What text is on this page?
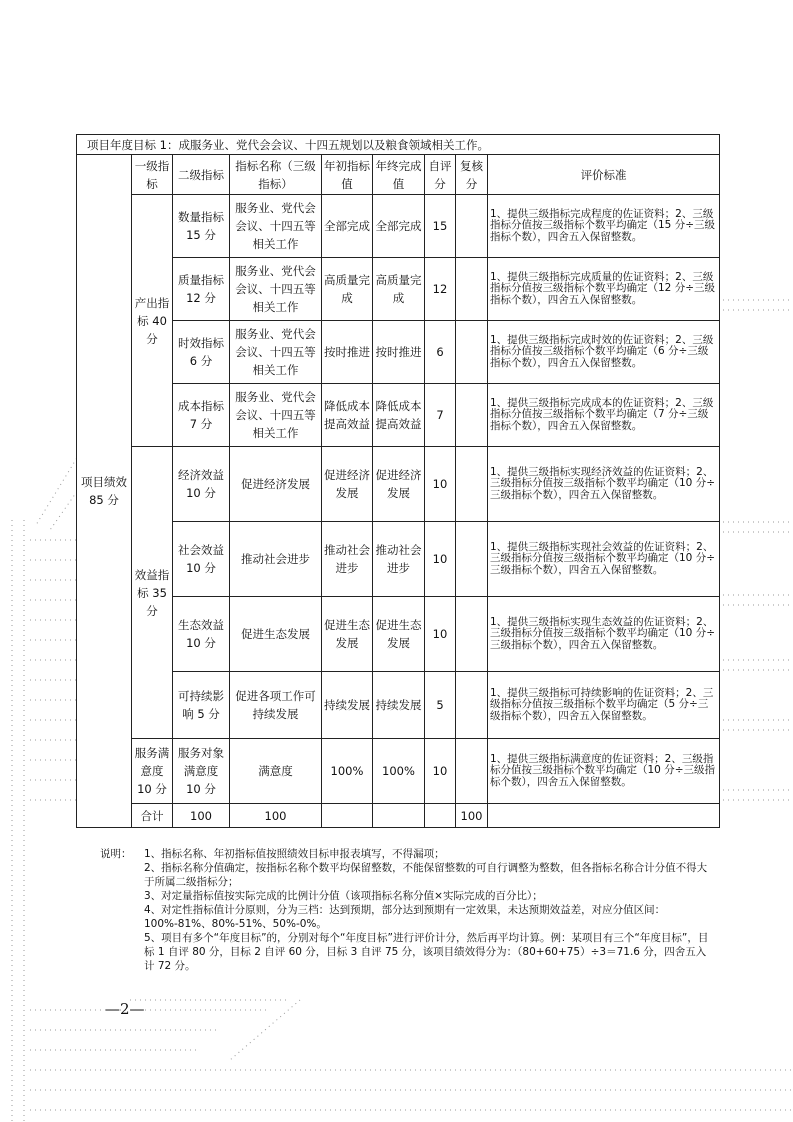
项目年度目标 1：成服务业、党代会会议、十四五规划以及粮食领域相关工作。									
项目绩效 85 分	一级指标	二级指标	指标名称（三级指标）	年初指标值	年终完成值	自评分	复核分	评价标准	
	产出指标 40 分	数量指标 15 分	服务业、党代会会议、十四五等相关工作	全部完成	全部完成	15		1、提供三级指标完成程度的佐证资料；2、三级指标分值按三级指标个数平均确定（15 分÷三级指标个数），四舍五入保留整数。	
		质量指标 12 分	服务业、党代会会议、十四五等相关工作	高质量完成	高质量完成	12		1、提供三级指标完成质量的佐证资料；2、三级指标分值按三级指标个数平均确定（12 分÷三级指标个数），四舍五入保留整数。	
		时效指标 6 分	服务业、党代会会议、十四五等相关工作	按时推进	按时推进	6		1、提供三级指标完成时效的佐证资料；2、三级指标分值按三级指标个数平均确定（6 分÷三级指标个数），四舍五入保留整数。	
		成本指标 7 分	服务业、党代会会议、十四五等相关工作	降低成本提高效益	降低成本提高效益	7		1、提供三级指标完成成本的佐证资料；2、三级指标分值按三级指标个数平均确定（7 分÷三级指标个数），四舍五入保留整数。	
	效益指标 35 分	经济效益 10 分	促进经济发展	促进经济发展	促进经济发展	10		1、提供三级指标实现经济效益的佐证资料；2、三级指标分值按三级指标个数平均确定（10 分÷三级指标个数），四舍五入保留整数。	
		社会效益 10 分	推动社会进步	推动社会进步	推动社会进步	10		1、提供三级指标实现社会效益的佐证资料；2、三级指标分值按三级指标个数平均确定（10 分÷三级指标个数），四舍五入保留整数。	
		生态效益 10 分	促进生态发展	促进生态发展	促进生态发展	10		1、提供三级指标实现生态效益的佐证资料；2、三级指标分值按三级指标个数平均确定（10 分÷三级指标个数），四舍五入保留整数。	
		可持续影响 5 分	促进各项工作可持续发展	持续发展	持续发展	5		1、提供三级指标可持续影响的佐证资料；2、三级指标分值按三级指标个数平均确定（5 分÷三级指标个数），四舍五入保留整数。	
	服务满意度 10 分	服务对象满意度 10 分	满意度	100%	100%	10		1、提供三级指标满意度的佐证资料；2、三级指标分值按三级指标个数平均确定（10 分÷三级指标个数），四舍五入保留整数。	
	合计	100	100				100		
说明：	1、指标名称、年初指标值按照绩效目标申报表填写，不得漏项；
2、指标名称分值确定，按指标名称个数平均保留整数，不能保留整数的可自行调整为整数，但各指标名称合计分值不得大于所属二级指标分；
3、对定量指标值按实际完成的比例计分值（该项指标名称分值×实际完成的百分比）；
4、对定性指标值计分原则，分为三档：达到预期，部分达到预期有一定效果，未达预期效益差，对应分值区间：100%-81%、80%-51%、50%-0%。
5、项目有多个“年度目标”的，分别对每个“年度目标”进行评价计分，然后再平均计算。例：某项目有三个“年度目标”，目标 1 自评 80 分，目标 2 自评 60 分，目标 3 自评 75 分，该项目绩效得分为：（80+60+75）÷3＝71.6 分，四舍五入计 72 分。
—2—
